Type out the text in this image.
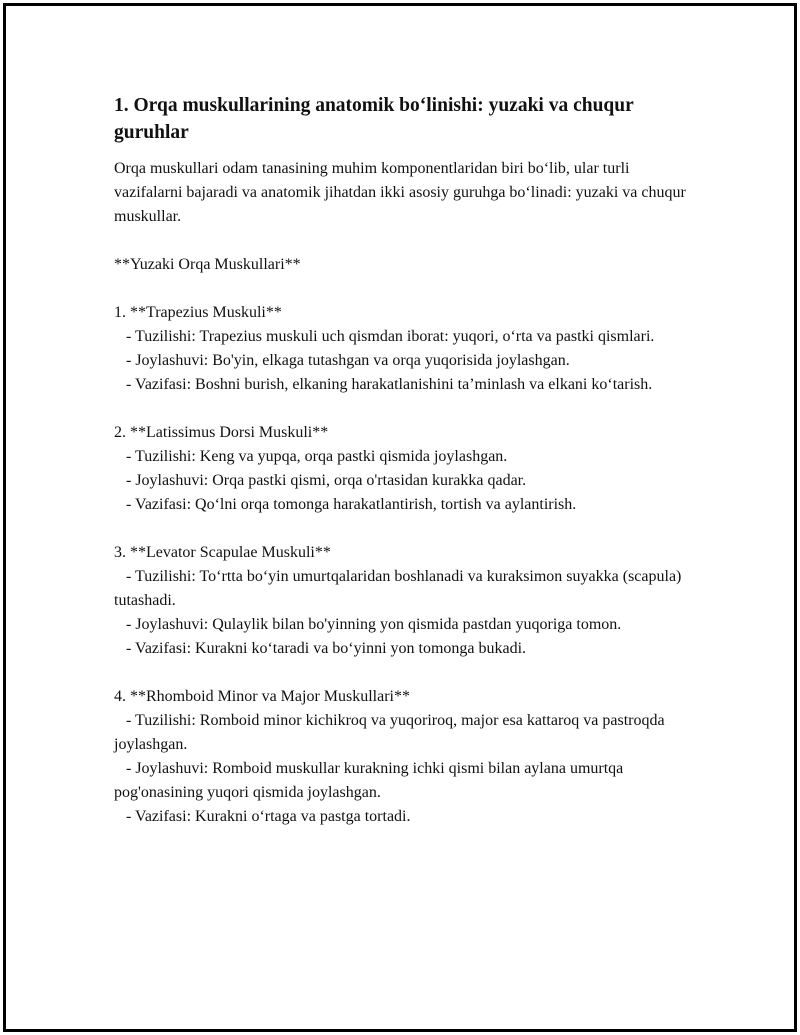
1. Orqa muskullarining anatomik bo‘linishi: yuzaki va chuqur guruhlar

Orqa muskullari odam tanasining muhim komponentlaridan biri bo‘lib, ular turli vazifalarni bajaradi va anatomik jihatdan ikki asosiy guruhga bo‘linadi: yuzaki va chuqur muskullar.

**Yuzaki Orqa Muskullari**

1. **Trapezius Muskuli**
- Tuzilishi: Trapezius muskuli uch qismdan iborat: yuqori, o‘rta va pastki qismlari.
- Joylashuvi: Bo'yin, elkaga tutashgan va orqa yuqorisida joylashgan.
- Vazifasi: Boshni burish, elkaning harakatlanishini ta’minlash va elkani ko‘tarish.
2. **Latissimus Dorsi Muskuli**
- Tuzilishi: Keng va yupqa, orqa pastki qismida joylashgan.
- Joylashuvi: Orqa pastki qismi, orqa o'rtasidan kurakka qadar.
- Vazifasi: Qo‘lni orqa tomonga harakatlantirish, tortish va aylantirish.
3. **Levator Scapulae Muskuli**
- Tuzilishi: To‘rtta bo‘yin umurtqalaridan boshlanadi va kuraksimon suyakka (scapula) tutashadi.
- Joylashuvi: Qulaylik bilan bo'yinning yon qismida pastdan yuqoriga tomon.
- Vazifasi: Kurakni ko‘taradi va bo‘yinni yon tomonga bukadi.
4. **Rhomboid Minor va Major Muskullari**
- Tuzilishi: Romboid minor kichikroq va yuqoriroq, major esa kattaroq va pastroqda joylashgan.
- Joylashuvi: Romboid muskullar kurakning ichki qismi bilan aylana umurtqa pog'onasining yuqori qismida joylashgan.
- Vazifasi: Kurakni o‘rtaga va pastga tortadi.
